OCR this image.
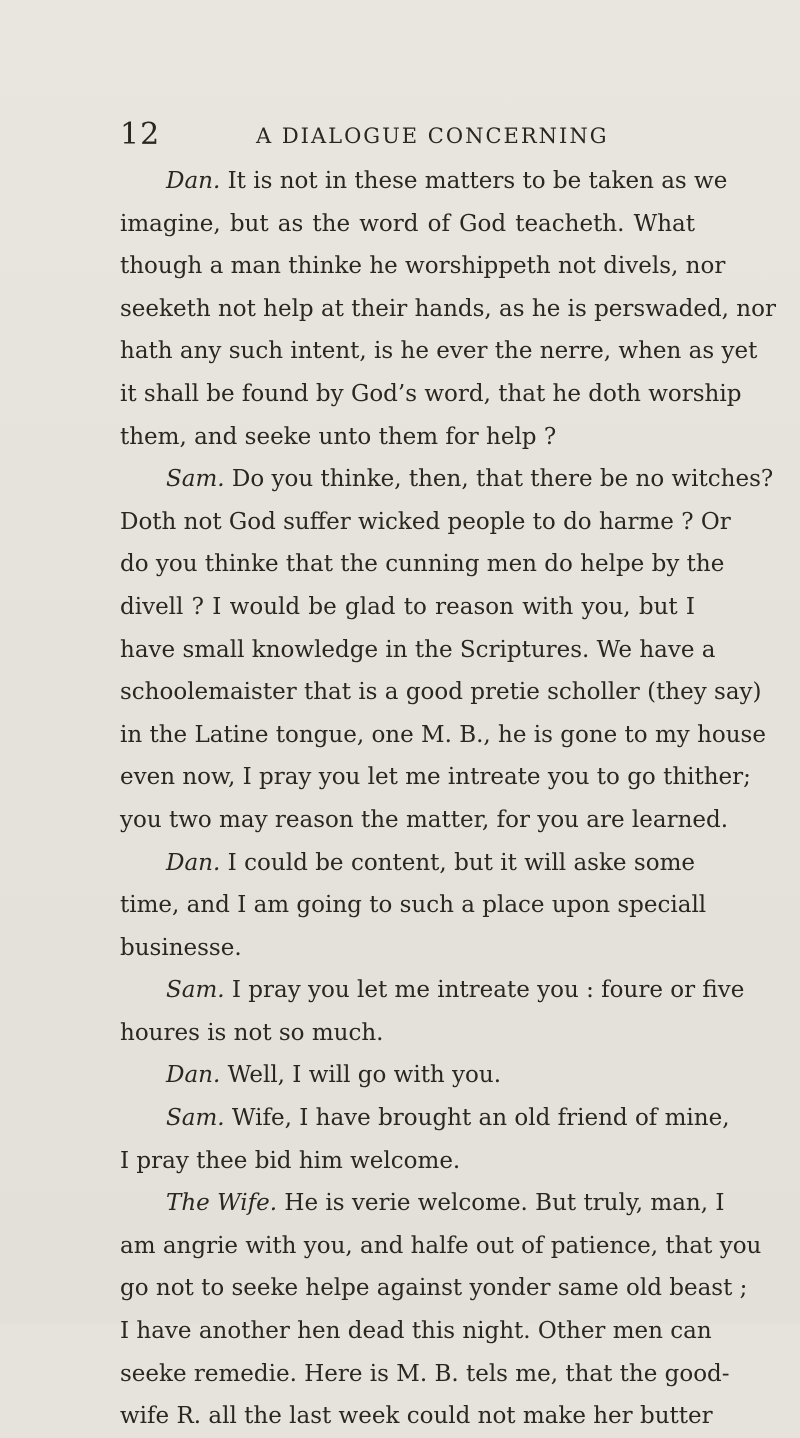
12	A DIALOGUE CONCERNING
Dan. It is not in these matters to be taken as we
imagine, but as the word of God teacheth. What
though a man thinke he worshippeth not divels, nor
seeketh not help at their hands, as he is perswaded, nor
hath any such intent, is he ever the nerre, when as yet
it shall be found by God’s word, that he doth worship
them, and seeke unto them for help ?
Sam. Do you thinke, then, that there be no witches?
Doth not God suffer wicked people to do harme ? Or
do you thinke that the cunning men do helpe by the
divell ? I would be glad to reason with you, but I
have small knowledge in the Scriptures. We have a
schoolemaister that is a good pretie scholler (they say)
in the Latine tongue, one M. B., he is gone to my house
even now, I pray you let me intreate you to go thither;
you two may reason the matter, for you are learned.
Dan. I could be content, but it will aske some
time, and I am going to such a place upon speciall
businesse.
Sam. I pray you let me intreate you : foure or five
houres is not so much.
Dan. Well, I will go with you.
Sam. Wife, I have brought an old friend of mine,
I pray thee bid him welcome.
The Wife. He is verie welcome. But truly, man, I
am angrie with you, and halfe out of patience, that you
go not to seeke helpe against yonder same old beast ;
I have another hen dead this night. Other men can
seeke remedie. Here is M. B. tels me, that the good-
wife R. all the last week could not make her butter
